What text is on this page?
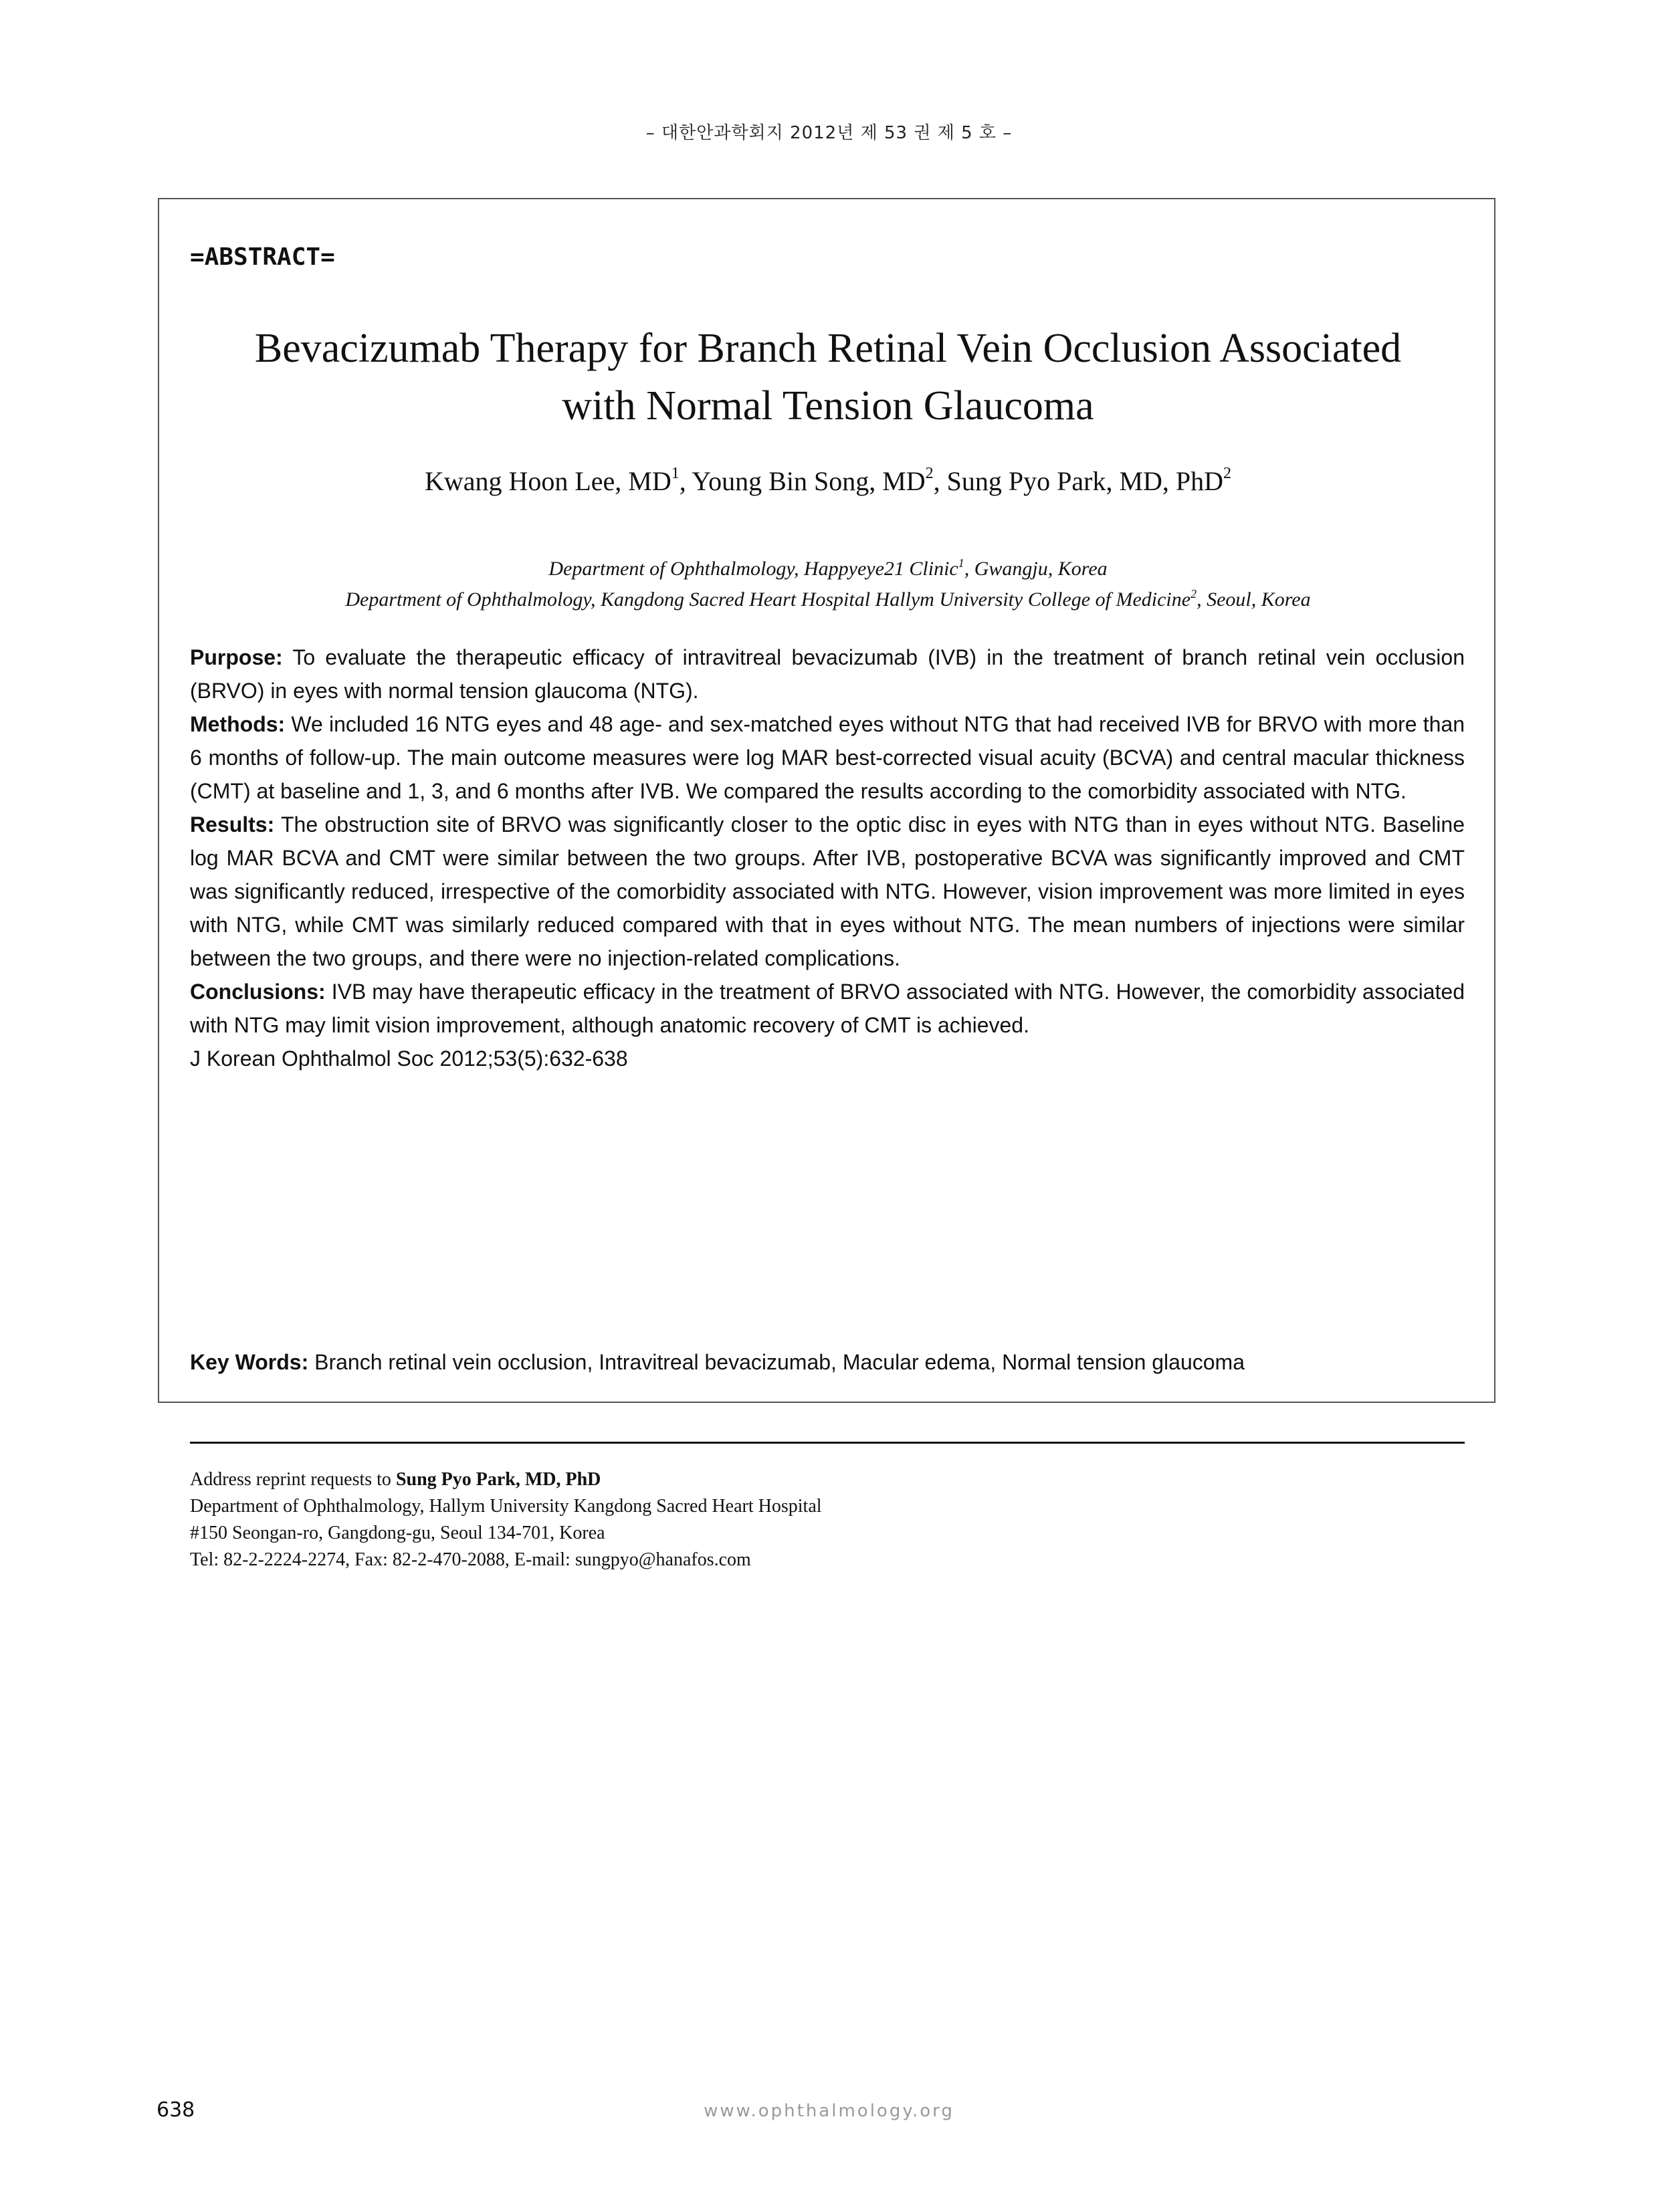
– 대한안과학회지 2012년 제 53 권 제 5 호 –
=ABSTRACT=
Bevacizumab Therapy for Branch Retinal Vein Occlusion Associated
with Normal Tension Glaucoma
Kwang Hoon Lee, $MD^1$, Young Bin Song, $MD^2$, Sung Pyo Park, MD, PhD$^2$
Department of Ophthalmology, Happyeye21 Clinic$^1$, Gwangju, Korea
Department of Ophthalmology, Kangdong Sacred Heart Hospital Hallym University College of Medicine$^2$, Seoul, Korea

Purpose: To evaluate the therapeutic efficacy of intravitreal bevacizumab (IVB) in the treatment of branch retinal vein occlusion (BRVO) in eyes with normal tension glaucoma (NTG).

Methods: We included 16 NTG eyes and 48 age- and sex-matched eyes without NTG that had received IVB for BRVO with more than 6 months of follow-up. The main outcome measures were log MAR best-corrected visual acuity (BCVA) and central macular thickness (CMT) at baseline and 1, 3, and 6 months after IVB. We compared the results according to the comorbidity associated with NTG.

Results: The obstruction site of BRVO was significantly closer to the optic disc in eyes with NTG than in eyes without NTG. Baseline log MAR BCVA and CMT were similar between the two groups. After IVB, postoperative BCVA was significantly improved and CMT was significantly reduced, irrespective of the comorbidity associated with NTG. However, vision improvement was more limited in eyes with NTG, while CMT was similarly reduced compared with that in eyes without NTG. The mean numbers of injections were similar between the two groups, and there were no injection-related complications.

Conclusions: IVB may have therapeutic efficacy in the treatment of BRVO associated with NTG. However, the comorbidity associated with NTG may limit vision improvement, although anatomic recovery of CMT is achieved.

J Korean Ophthalmol Soc 2012;53(5):632-638

Key Words: Branch retinal vein occlusion, Intravitreal bevacizumab, Macular edema, Normal tension glaucoma
Address reprint requests to Sung Pyo Park, MD, PhD
Department of Ophthalmology, Hallym University Kangdong Sacred Heart Hospital
#150 Seongan-ro, Gangdong-gu, Seoul 134-701, Korea
Tel: 82-2-2224-2274, Fax: 82-2-470-2088, E-mail: sungpyo@hanafos.com
638	www.ophthalmology.org
